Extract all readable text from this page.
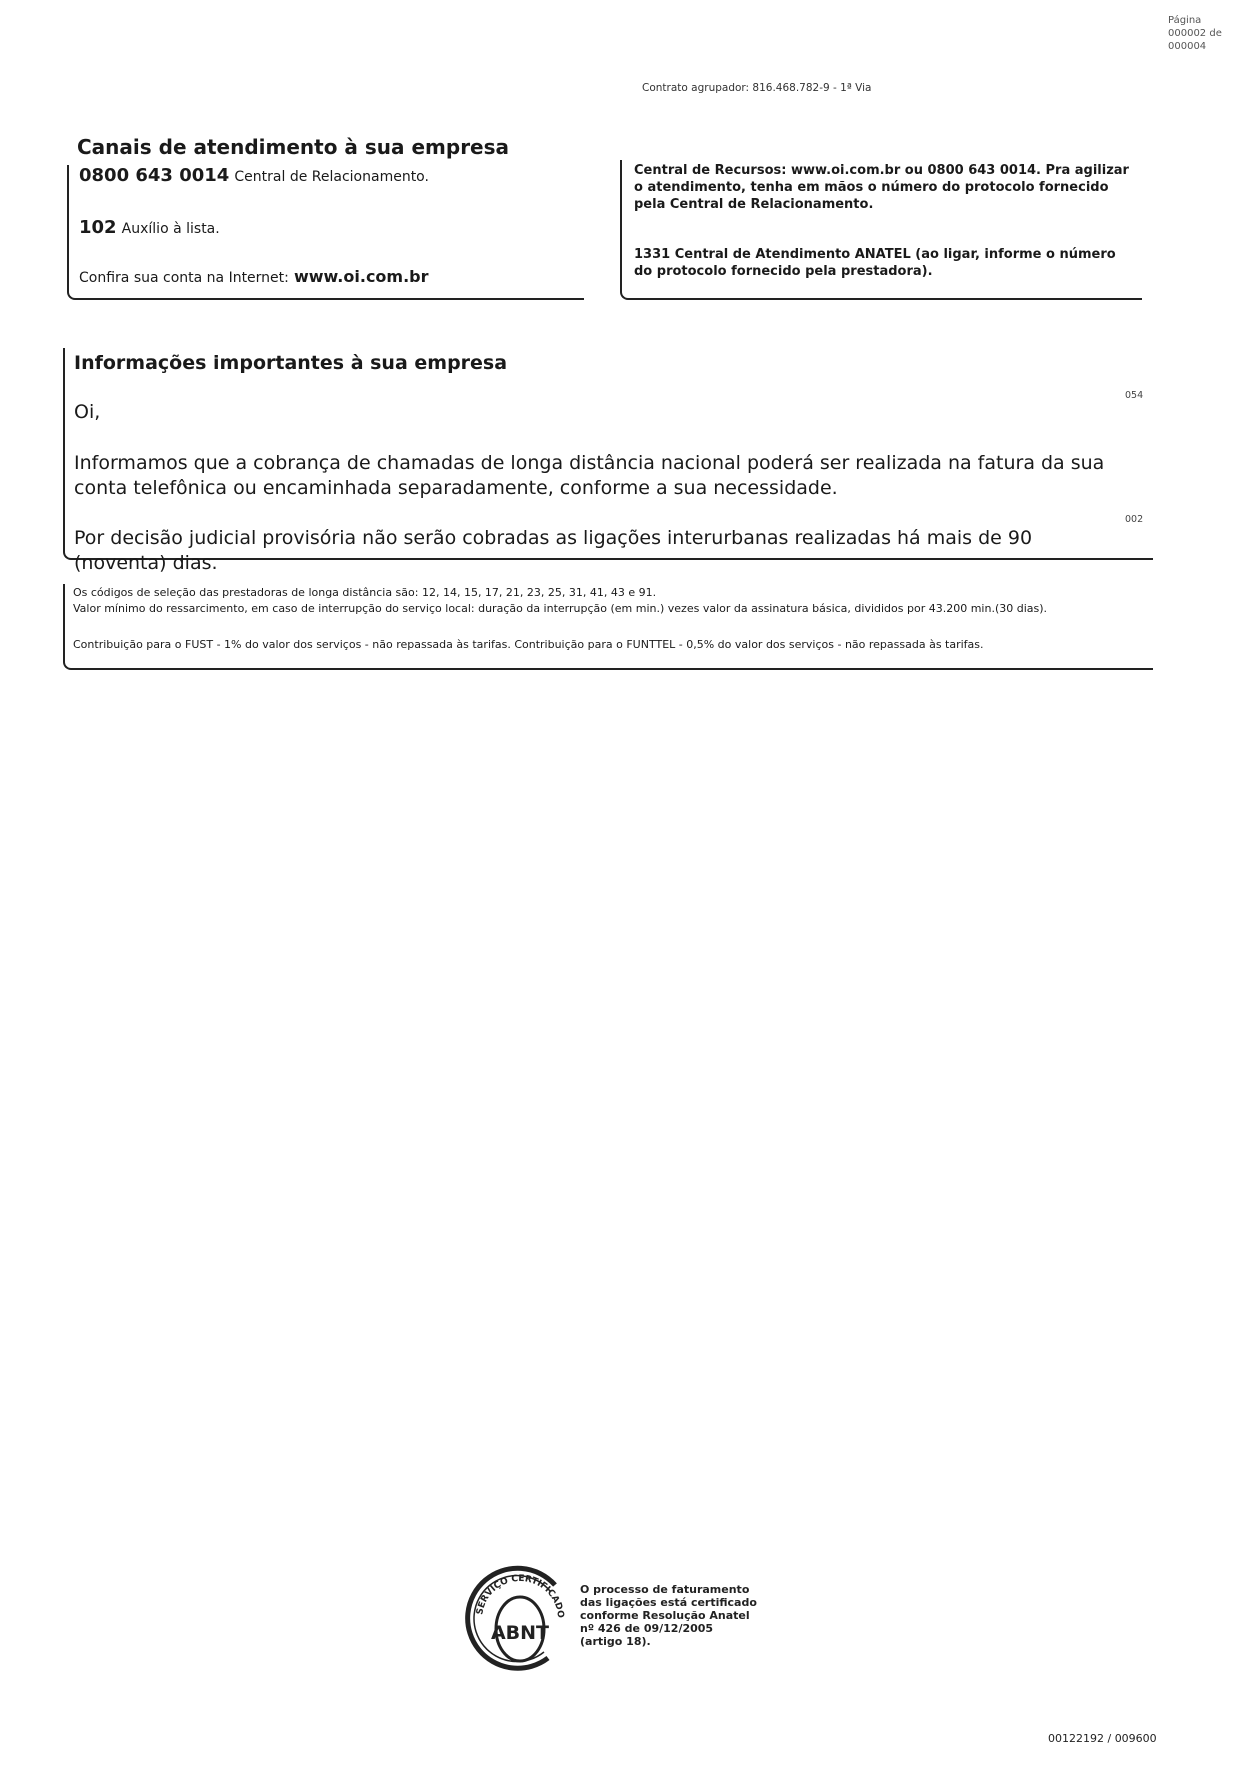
Página
000002 de
000004
Contrato agrupador: 816.468.782-9 - 1ª Via
Canais de atendimento à sua empresa
0800 643 0014 Central de Relacionamento.
102 Auxílio à lista.
Confira sua conta na Internet: www.oi.com.br

Central de Recursos: www.oi.com.br ou 0800 643 0014. Pra agilizar o atendimento, tenha em mãos o número do protocolo fornecido pela Central de Relacionamento.

1331 Central de Atendimento ANATEL (ao ligar, informe o número do protocolo fornecido pela prestadora).

Informações importantes à sua empresa
Oi,
054

Informamos que a cobrança de chamadas de longa distância nacional poderá ser realizada na fatura da sua conta telefônica ou encaminhada separadamente, conforme a sua necessidade.

002

Por decisão judicial provisória não serão cobradas as ligações interurbanas realizadas há mais de 90 (noventa) dias.

Os códigos de seleção das prestadoras de longa distância são: 12, 14, 15, 17, 21, 23, 25, 31, 41, 43 e 91.

Valor mínimo do ressarcimento, em caso de interrupção do serviço local: duração da interrupção (em min.) vezes valor da assinatura básica, divididos por 43.200 min.(30 dias).

Contribuição para o FUST - 1% do valor dos serviços - não repassada às tarifas. Contribuição para o FUNTTEL - 0,5% do valor dos serviços - não repassada às tarifas.

SERVIÇO CERTIFICADO
ABNT
O processo de faturamento
das ligações está certificado
conforme Resolução Anatel
nº 426 de 09/12/2005
(artigo 18).
00122192 / 009600
